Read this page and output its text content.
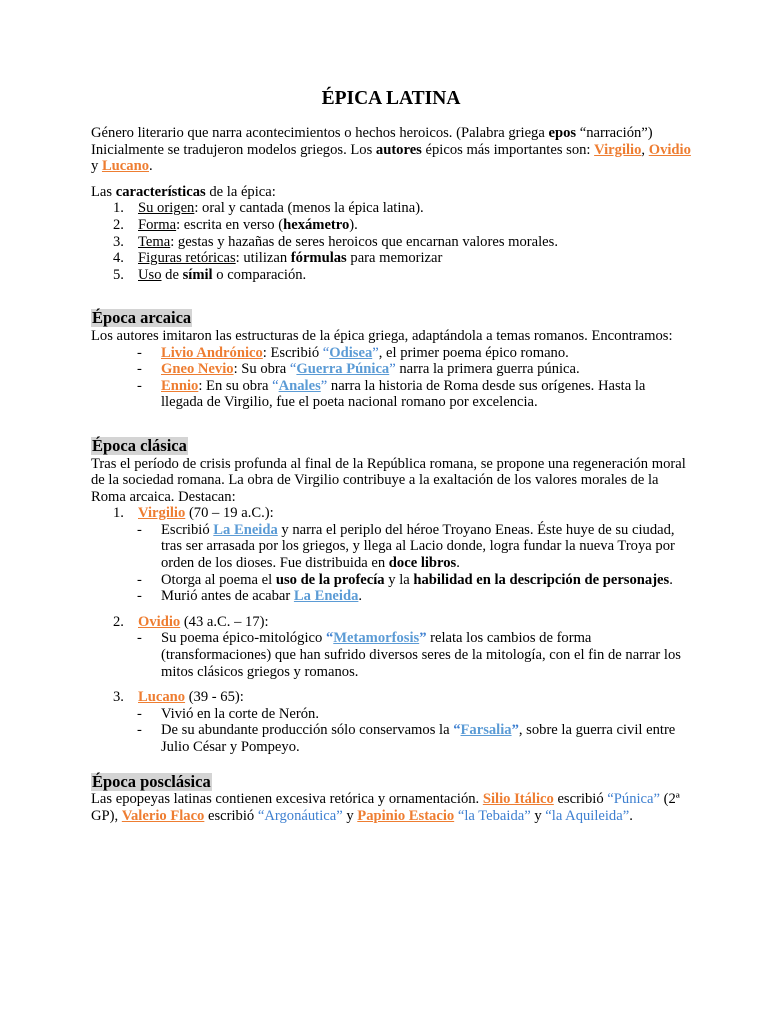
ÉPICA LATINA

Género literario que narra acontecimientos o hechos heroicos. (Palabra griega epos “narración”) Inicialmente se tradujeron modelos griegos. Los autores épicos más importantes son: Virgilio, Ovidio y Lucano.

Las características de la épica:

1. Su origen: oral y cantada (menos la épica latina).
2. Forma: escrita en verso (hexámetro).
3. Tema: gestas y hazañas de seres heroicos que encarnan valores morales.
4. Figuras retóricas: utilizan fórmulas para memorizar
5. Uso de símil o comparación.
Época arcaica

Los autores imitaron las estructuras de la épica griega, adaptándola a temas romanos. Encontramos:

- Livio Andrónico: Escribió “Odisea”, el primer poema épico romano.
- Gneo Nevio: Su obra “Guerra Púnica” narra la primera guerra púnica.
- Ennio: En su obra “Anales” narra la historia de Roma desde sus orígenes. Hasta la llegada de Virgilio, fue el poeta nacional romano por excelencia.
Época clásica

Tras el período de crisis profunda al final de la República romana, se propone una regeneración moral de la sociedad romana. La obra de Virgilio contribuye a la exaltación de los valores morales de la Roma arcaica. Destacan:

1. Virgilio (70 – 19 a.C.):
- Escribió La Eneida y narra el periplo del héroe Troyano Eneas. Éste huye de su ciudad, tras ser arrasada por los griegos, y llega al Lacio donde, logra fundar la nueva Troya por orden de los dioses. Fue distribuida en doce libros.
- Otorga al poema el uso de la profecía y la habilidad en la descripción de personajes.
- Murió antes de acabar La Eneida.
2. Ovidio (43 a.C. – 17):
- Su poema épico-mitológico “Metamorfosis” relata los cambios de forma (transformaciones) que han sufrido diversos seres de la mitología, con el fin de narrar los mitos clásicos griegos y romanos.
3. Lucano (39 - 65):
- Vivió en la corte de Nerón.
- De su abundante producción sólo conservamos la “Farsalia”, sobre la guerra civil entre Julio César y Pompeyo.
Época posclásica

Las epopeyas latinas contienen excesiva retórica y ornamentación. Silio Itálico escribió “Púnica” (2ª GP), Valerio Flaco escribió “Argonáutica” y Papinio Estacio “la Tebaida” y “la Aquileida”.
